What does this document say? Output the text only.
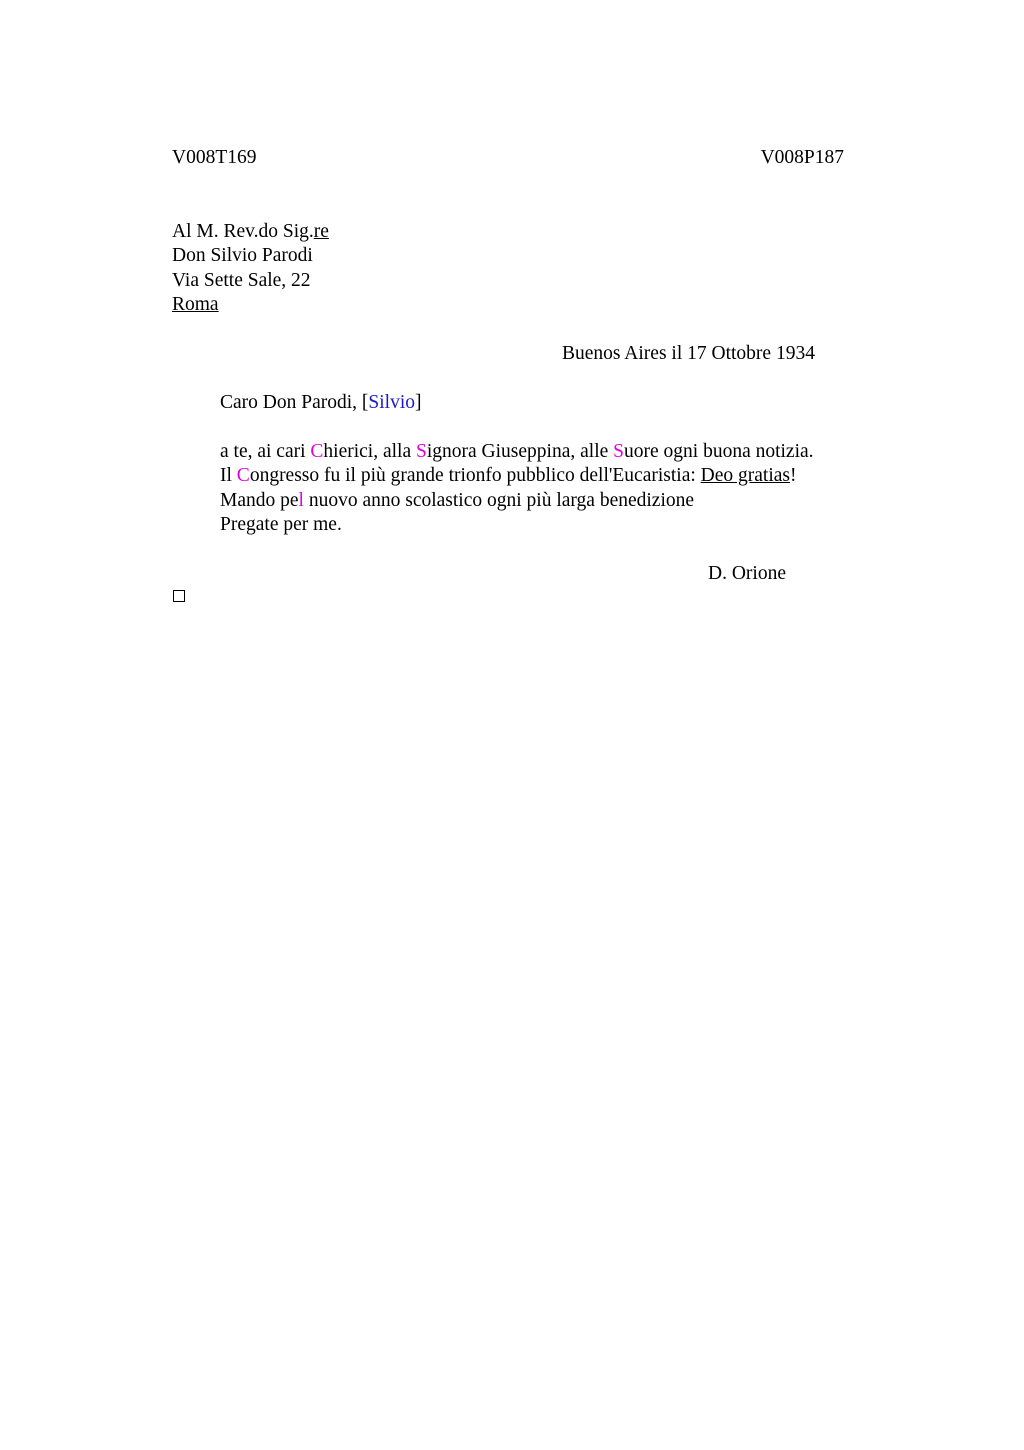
V008T169	V008P187
Al M. Rev.do Sig.re
Don Silvio Parodi
Via Sette Sale, 22
Roma
Buenos Aires il 17 Ottobre 1934
Caro Don Parodi, [Silvio]
a te, ai cari Chierici, alla Signora Giuseppina, alle Suore ogni buona notizia.
Il Congresso fu il più grande trionfo pubblico dell'Eucaristia: Deo gratias!
Mando pel nuovo anno scolastico ogni più larga benedizione
Pregate per me.
D. Orione
